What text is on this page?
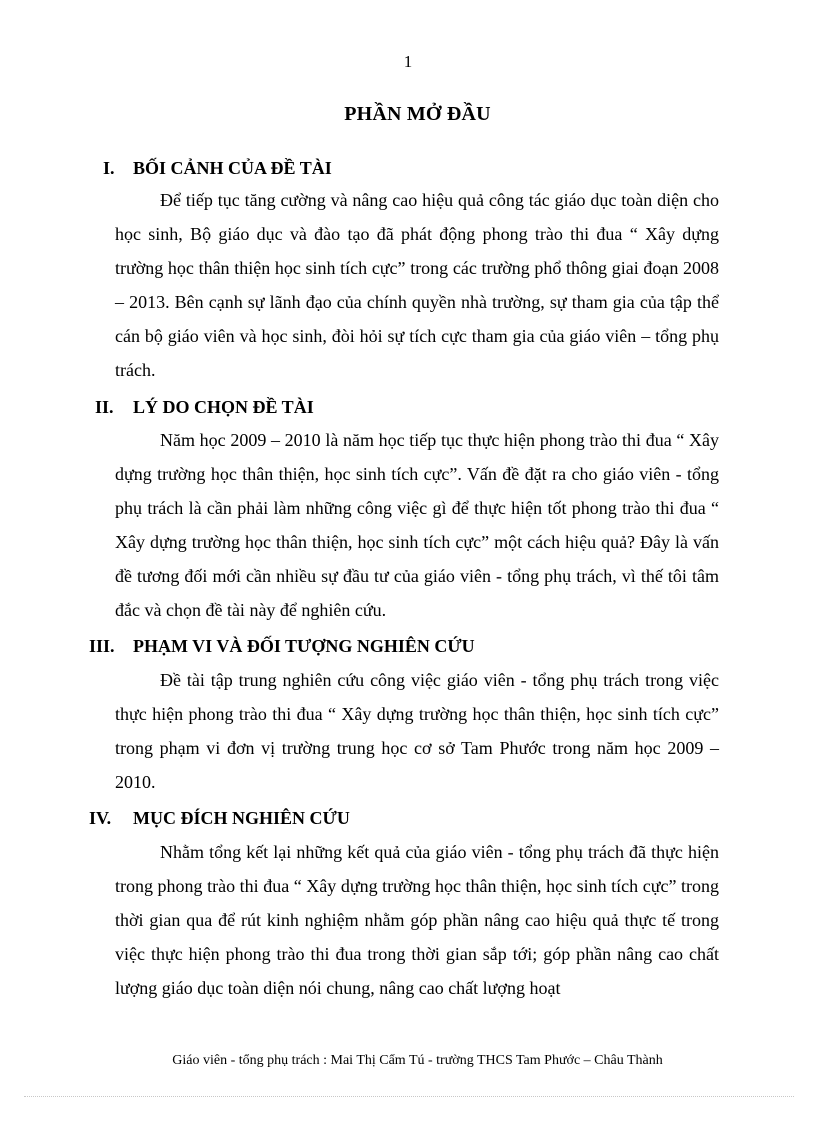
1
PHẦN MỞ ĐẦU
I. BỐI CẢNH CỦA ĐỀ TÀI

Để tiếp tục tăng cường và nâng cao hiệu quả công tác giáo dục toàn diện cho học sinh, Bộ giáo dục và đào tạo đã phát động phong trào thi đua “ Xây dựng trường học thân thiện học sinh tích cực” trong các trường phổ thông giai đoạn 2008 – 2013. Bên cạnh sự lãnh đạo của chính quyền nhà trường, sự tham gia của tập thể cán bộ giáo viên và học sinh, đòi hỏi sự tích cực tham gia của giáo viên – tổng phụ trách.

II. LÝ DO CHỌN ĐỀ TÀI

Năm học 2009 – 2010 là năm học tiếp tục thực hiện phong trào thi đua “ Xây dựng trường học thân thiện, học sinh tích cực”. Vấn đề đặt ra cho giáo viên - tổng phụ trách là cần phải làm những công việc gì để thực hiện tốt phong trào thi đua “ Xây dựng trường học thân thiện, học sinh tích cực” một cách hiệu quả? Đây là vấn đề tương đối mới cần nhiều sự đầu tư của giáo viên - tổng phụ trách, vì thế tôi tâm đắc và chọn đề tài này để nghiên cứu.

III. PHẠM VI VÀ ĐỐI TƯỢNG NGHIÊN CỨU

Đề tài tập trung nghiên cứu công việc giáo viên - tổng phụ trách trong việc thực hiện phong trào thi đua “ Xây dựng trường học thân thiện, học sinh tích cực” trong phạm vi đơn vị trường trung học cơ sở Tam Phước trong năm học 2009 – 2010.

IV. MỤC ĐÍCH NGHIÊN CỨU

Nhằm tổng kết lại những kết quả của giáo viên - tổng phụ trách đã thực hiện trong phong trào thi đua “ Xây dựng trường học thân thiện, học sinh tích cực” trong thời gian qua để rút kinh nghiệm nhằm góp phần nâng cao hiệu quả thực tế trong việc thực hiện phong trào thi đua trong thời gian sắp tới; góp phần nâng cao chất lượng giáo dục toàn diện nói chung, nâng cao chất lượng hoạt

Giáo viên - tổng phụ trách : Mai Thị Cẩm Tú - trường THCS Tam Phước – Châu Thành
